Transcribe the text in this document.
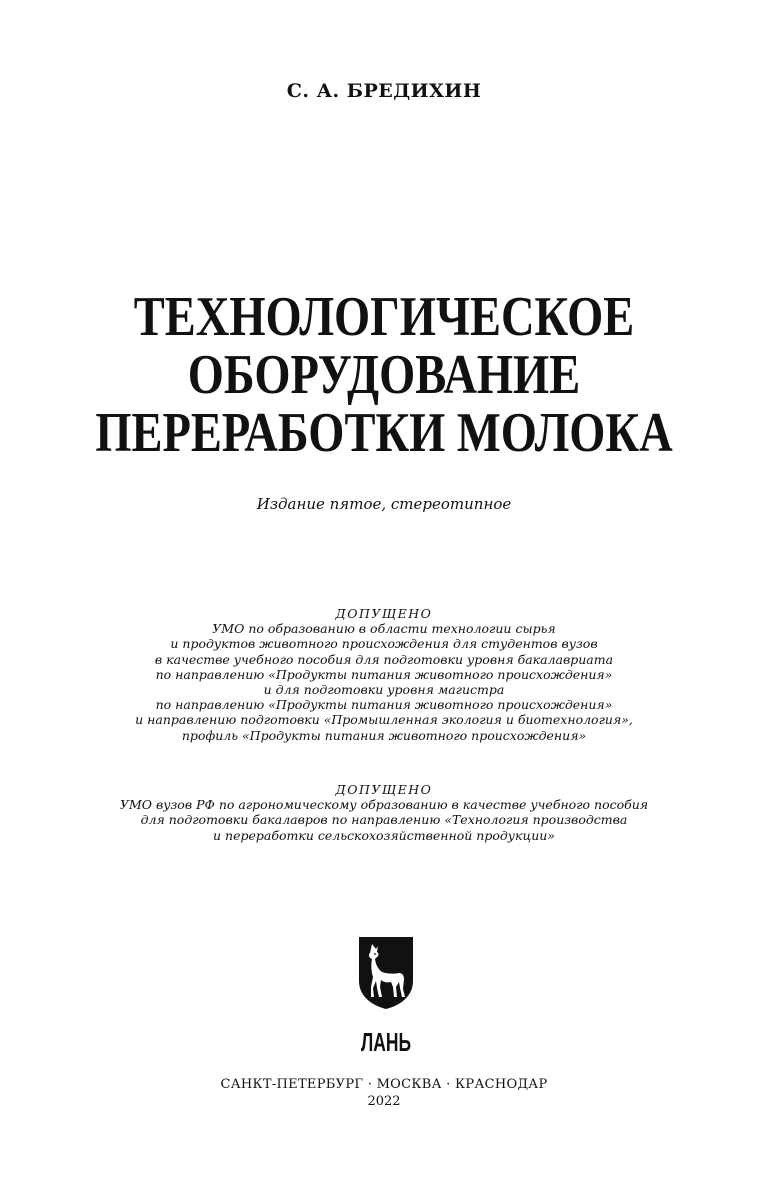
С. А. БРЕДИХИН
ТЕХНОЛОГИЧЕСКОЕ
ОБОРУДОВАНИЕ
ПЕРЕРАБОТКИ МОЛОКА
Издание пятое, стереотипное
ДОПУЩЕНО
УМО по образованию в области технологии сырья
и продуктов животного происхождения для студентов вузов
в качестве учебного пособия для подготовки уровня бакалавриата
по направлению «Продукты питания животного происхождения»
и для подготовки уровня магистра
по направлению «Продукты питания животного происхождения»
и направлению подготовки «Промышленная экология и биотехнология»,
профиль «Продукты питания животного происхождения»
ДОПУЩЕНО
УМО вузов РФ по агрономическому образованию в качестве учебного пособия
для подготовки бакалавров по направлению «Технология производства
и переработки сельскохозяйственной продукции»
ЛАНЬ
САНКТ-ПЕТЕРБУРГ · МОСКВА · КРАСНОДАР
2022
